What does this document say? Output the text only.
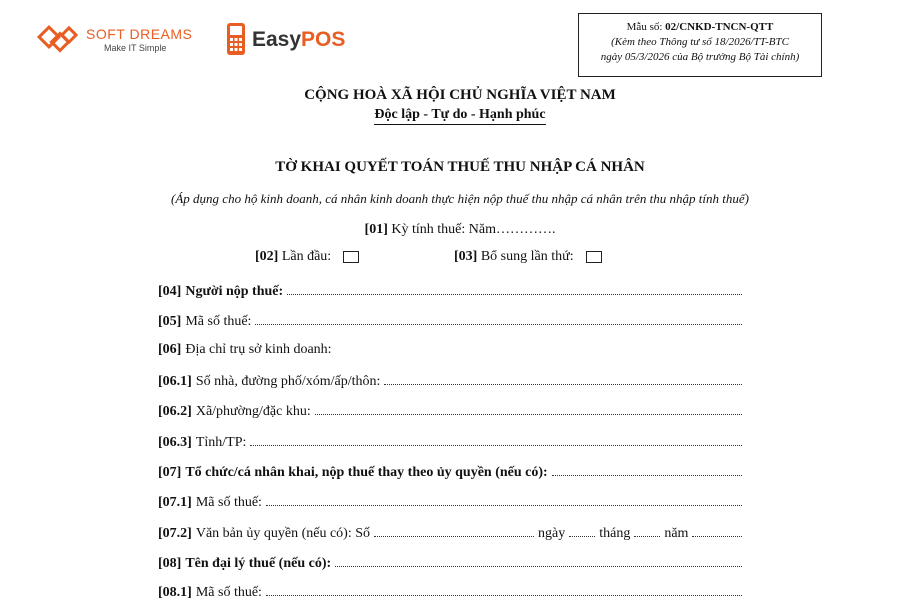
SOFT DREAMS
Make IT Simple	EasyPOS
Mẫu số: 02/CNKD-TNCN-QTT
(Kèm theo Thông tư số 18/2026/TT-BTC
ngày 05/3/2026 của Bộ trưởng Bộ Tài chính)
CỘNG HOÀ XÃ HỘI CHỦ NGHĨA VIỆT NAM
Độc lập - Tự do - Hạnh phúc
TỜ KHAI QUYẾT TOÁN THUẾ THU NHẬP CÁ NHÂN
(Áp dụng cho hộ kinh doanh, cá nhân kinh doanh thực hiện nộp thuế thu nhập cá nhân trên thu nhập tính thuế)
[01] Kỳ tính thuế: Năm………….
[02] Lần đầu:	[03] Bổ sung lần thứ:
[04] Người nộp thuế:
[05] Mã số thuế:
[06] Địa chỉ trụ sở kinh doanh:
[06.1] Số nhà, đường phố/xóm/ấp/thôn:
[06.2] Xã/phường/đặc khu:
[06.3] Tỉnh/TP:
[07] Tổ chức/cá nhân khai, nộp thuế thay theo ủy quyền (nếu có):
[07.1] Mã số thuế:
[07.2] Văn bản ủy quyền (nếu có): Số	ngày tháng năm
[08] Tên đại lý thuế (nếu có):
[08.1] Mã số thuế:
